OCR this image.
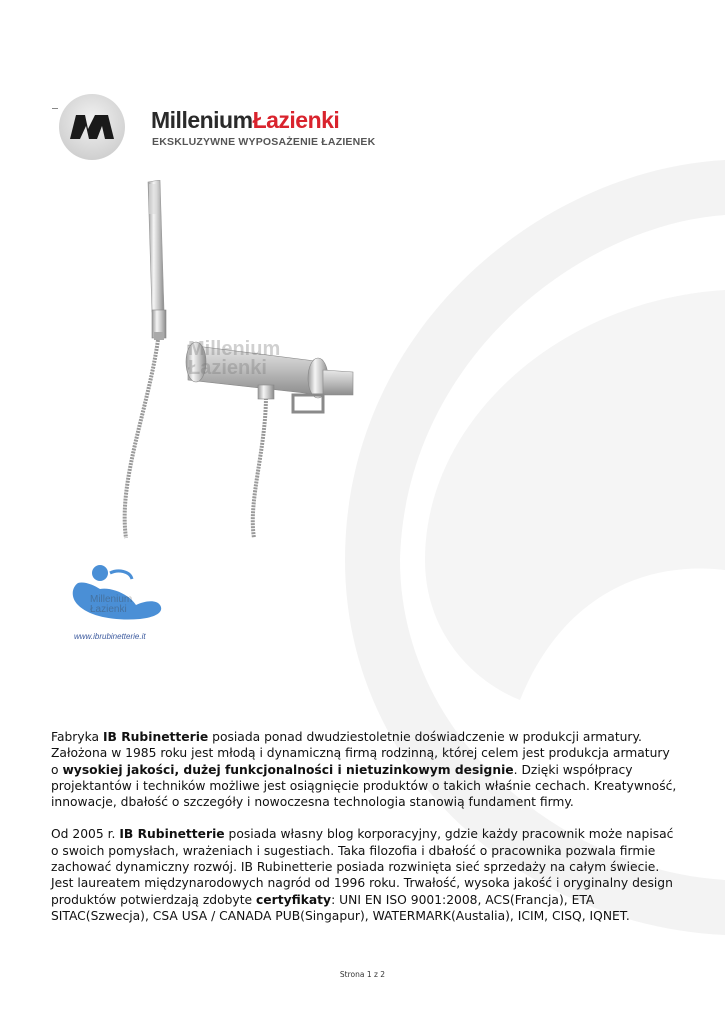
MilleniumŁazienki
EKSKLUZYWNE WYPOSAŻENIE ŁAZIENEK
Millenium
Łazienki
Millenium
Łazienki
www.ibrubinetterie.it

Fabryka IB Rubinetterie posiada ponad dwudziestoletnie doświadczenie w produkcji armatury. Założona w 1985 roku jest młodą i dynamiczną firmą rodzinną, której celem jest produkcja armatury o wysokiej jakości, dużej funkcjonalności i nietuzinkowym designie. Dzięki współpracy projektantów i techników możliwe jest osiągnięcie produktów o takich właśnie cechach. Kreatywność, innowacje, dbałość o szczegóły i nowoczesna technologia stanowią fundament firmy.

Od 2005 r. IB Rubinetterie posiada własny blog korporacyjny, gdzie każdy pracownik może napisać o swoich pomysłach, wrażeniach i sugestiach. Taka filozofia i dbałość o pracownika pozwala firmie zachować dynamiczny rozwój. IB Rubinetterie posiada rozwinięta sieć sprzedaży na całym świecie. Jest laureatem międzynarodowych nagród od 1996 roku. Trwałość, wysoka jakość i oryginalny design produktów potwierdzają zdobyte certyfikaty: UNI EN ISO 9001:2008, ACS(Francja), ETA SITAC(Szwecja), CSA USA / CANADA PUB(Singapur), WATERMARK(Austalia), ICIM, CISQ, IQNET.

Strona 1 z 2
